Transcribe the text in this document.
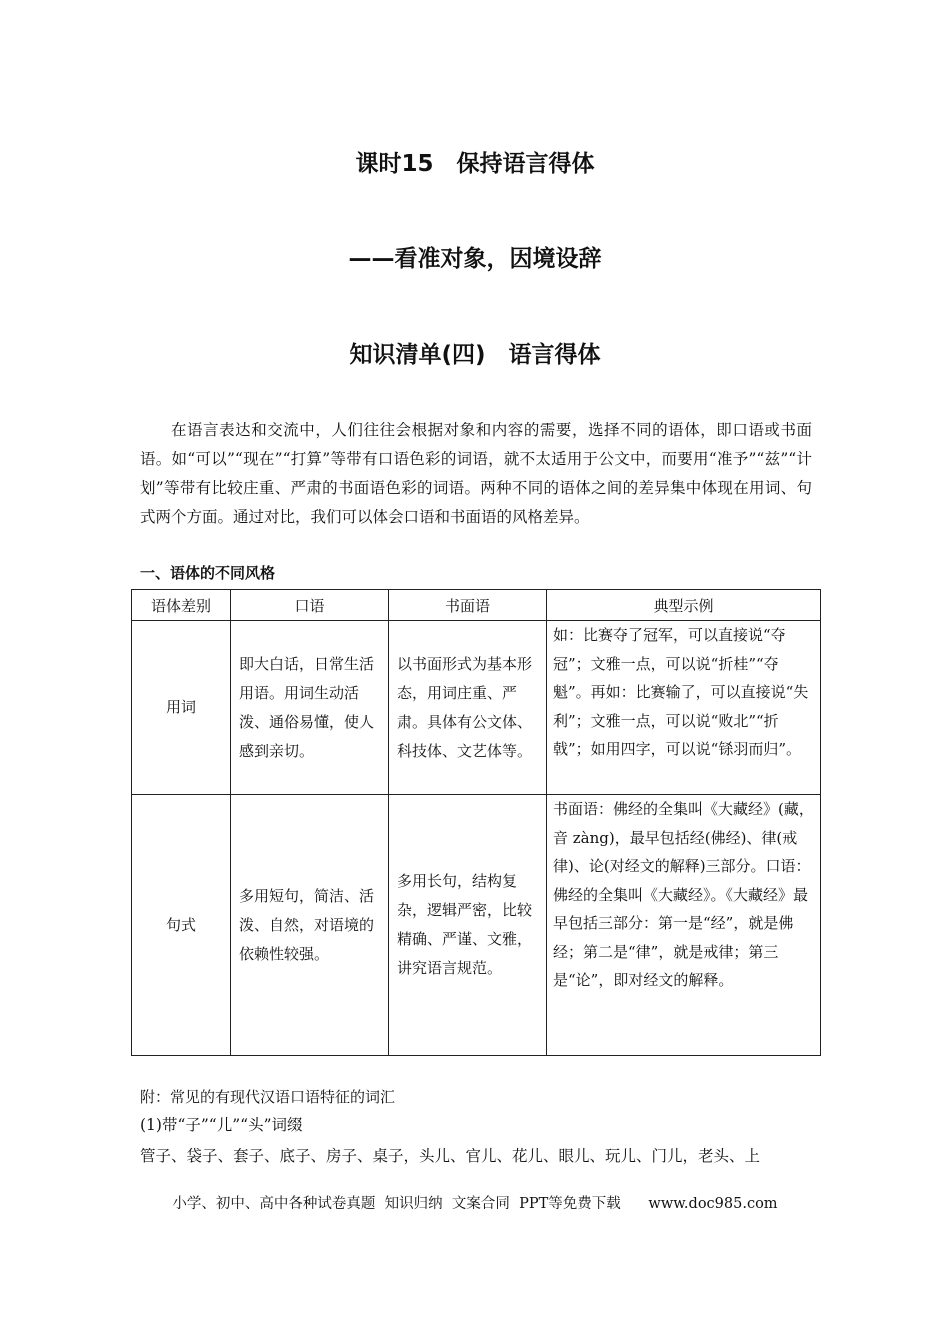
课时15　保持语言得体
——看准对象，因境设辞
知识清单(四)　语言得体

在语言表达和交流中，人们往往会根据对象和内容的需要，选择不同的语体，即口语或书面语。如“可以”“现在”“打算”等带有口语色彩的词语，就不太适用于公文中，而要用“准予”“兹”“计划”等带有比较庄重、严肃的书面语色彩的词语。两种不同的语体之间的差异集中体现在用词、句式两个方面。通过对比，我们可以体会口语和书面语的风格差异。

一、语体的不同风格
语体差别	口语	书面语	典型示例
用词	即大白话，日常生活用语。用词生动活泼、通俗易懂，使人感到亲切。	以书面形式为基本形态，用词庄重、严肃。具体有公文体、科技体、文艺体等。	如：比赛夺了冠军，可以直接说“夺冠”；文雅一点，可以说“折桂”“夺魁”。再如：比赛输了，可以直接说“失利”；文雅一点，可以说“败北”“折戟”；如用四字，可以说“铩羽而归”。
句式	多用短句，简洁、活泼、自然，对语境的依赖性较强。	多用长句，结构复杂，逻辑严密，比较精确、严谨、文雅，讲究语言规范。	书面语：佛经的全集叫《大藏经》(藏，音 zàng)，最早包括经(佛经)、律(戒律)、论(对经文的解释)三部分。口语：佛经的全集叫《大藏经》。《大藏经》最早包括三部分：第一是“经”，就是佛经；第二是“律”，就是戒律；第三是“论”，即对经文的解释。
附：常见的有现代汉语口语特征的词汇
(1)带“子”“儿”“头”词缀
管子、袋子、套子、底子、房子、桌子，头儿、官儿、花儿、眼儿、玩儿、门儿，老头、上
小学、初中、高中各种试卷真题  知识归纳  文案合同  PPT等免费下载      www.doc985.com
